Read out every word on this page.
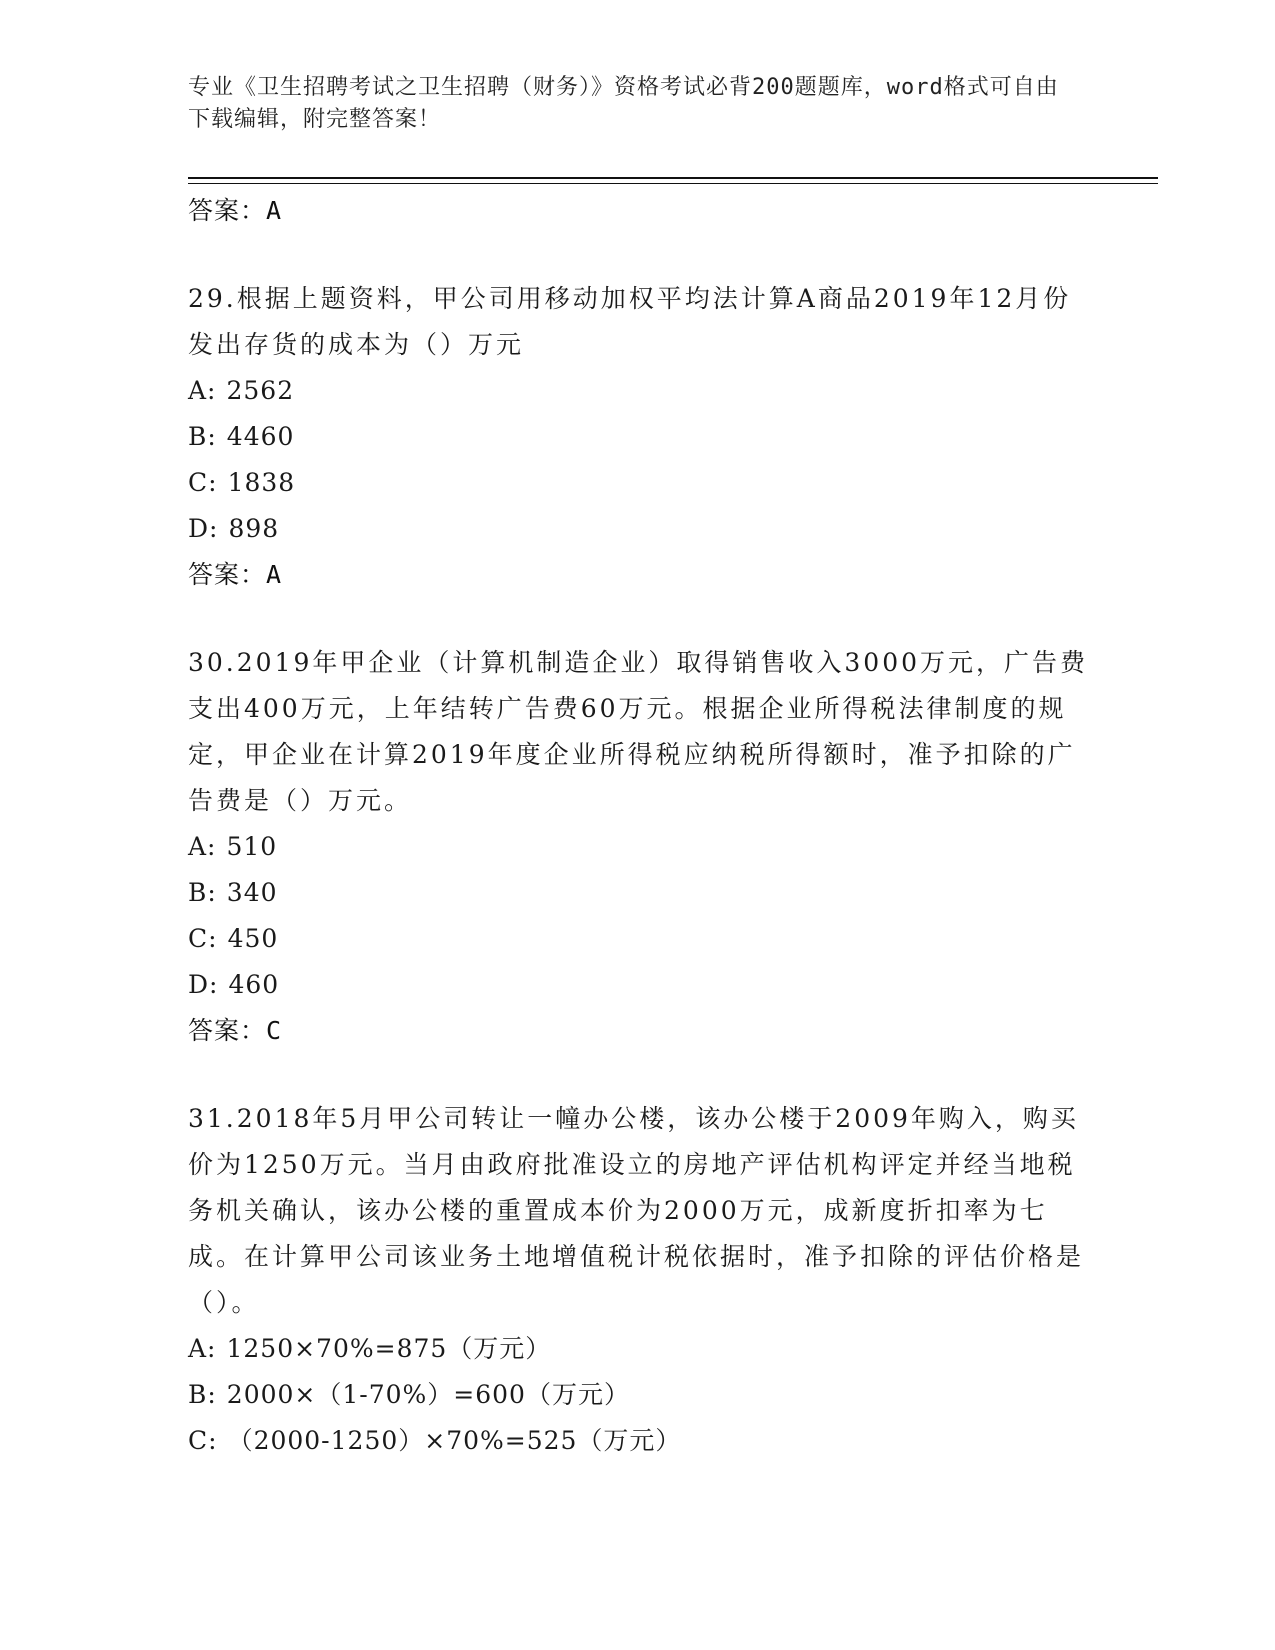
专业《卫生招聘考试之卫生招聘（财务）》资格考试必背200题题库，word格式可自由下载编辑，附完整答案！
答案：A
29.根据上题资料，甲公司用移动加权平均法计算A商品2019年12月份发出存货的成本为（）万元
A: 2562
B: 4460
C: 1838
D: 898
答案：A
30.2019年甲企业（计算机制造企业）取得销售收入3000万元，广告费支出400万元，上年结转广告费60万元。根据企业所得税法律制度的规定，甲企业在计算2019年度企业所得税应纳税所得额时，准予扣除的广告费是（）万元。
A: 510
B: 340
C: 450
D: 460
答案：C
31.2018年5月甲公司转让一幢办公楼，该办公楼于2009年购入，购买价为1250万元。当月由政府批准设立的房地产评估机构评定并经当地税务机关确认，该办公楼的重置成本价为2000万元，成新度折扣率为七成。在计算甲公司该业务土地增值税计税依据时，准予扣除的评估价格是（）。
A: 1250×70%=875（万元）
B: 2000×（1-70%）=600（万元）
C: （2000-1250）×70%=525（万元）
